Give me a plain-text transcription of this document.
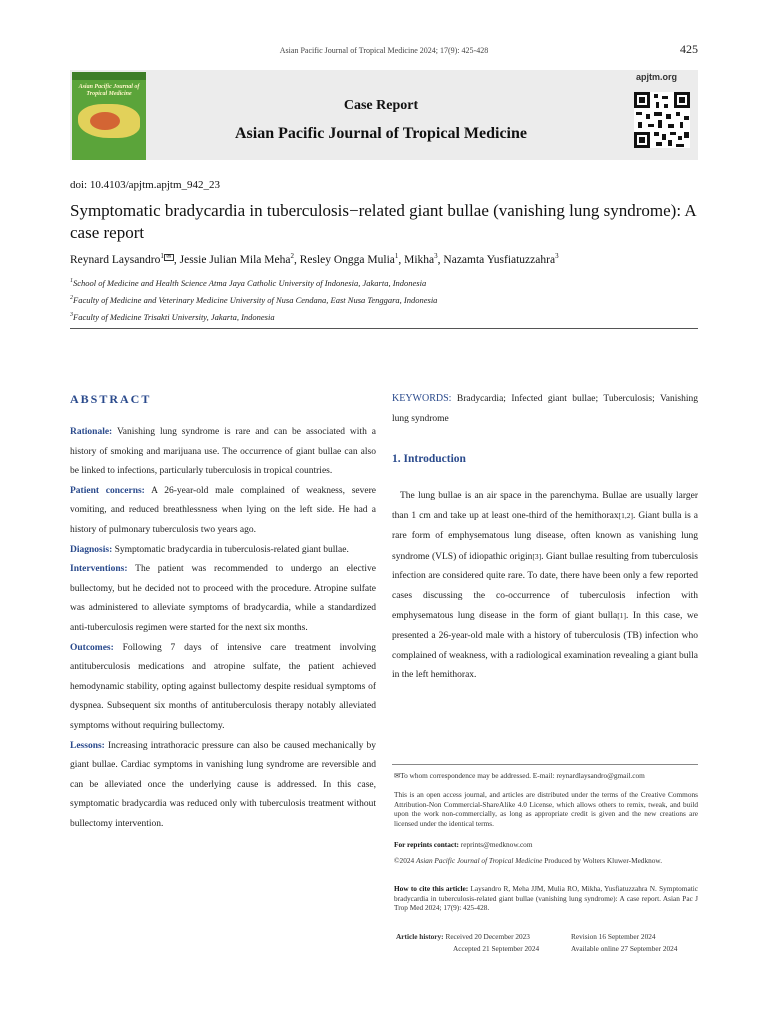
Asian Pacific Journal of Tropical Medicine 2024; 17(9): 425-428	425
Asian Pacific Journal of Tropical Medicine
Case Report
Asian Pacific Journal of Tropical Medicine
apjtm.org
doi: 10.4103/apjtm.apjtm_942_23
Symptomatic bradycardia in tuberculosis−related giant bullae (vanishing lung syndrome): A case report
Reynard Laysandro$^1$ ✉ , Jessie Julian Mila Meha$^2$, Resley Ongga Mulia$^1$, Mikha$^3$, Nazamta Yusfiatuzzahra$^3$
$^1$School of Medicine and Health Science Atma Jaya Catholic University of Indonesia, Jakarta, Indonesia
$^2$Faculty of Medicine and Veterinary Medicine University of Nusa Cendana, East Nusa Tenggara, Indonesia
$^3$Faculty of Medicine Trisakti University, Jakarta, Indonesia
ABSTRACT

Rationale: Vanishing lung syndrome is rare and can be associated with a history of smoking and marijuana use. The occurrence of giant bullae can also be linked to infections, particularly tuberculosis in tropical countries.

Patient concerns: A 26-year-old male complained of weakness, severe vomiting, and reduced breathlessness when lying on the left side. He had a history of pulmonary tuberculosis two years ago.

Diagnosis: Symptomatic bradycardia in tuberculosis-related giant bullae.

Interventions: The patient was recommended to undergo an elective bullectomy, but he decided not to proceed with the procedure. Atropine sulfate was administered to alleviate symptoms of bradycardia, while a standardized anti-tuberculosis regimen were started for the next six months.

Outcomes: Following 7 days of intensive care treatment involving antituberculosis medications and atropine sulfate, the patient achieved hemodynamic stability, opting against bullectomy despite residual symptoms of dyspnea. Subsequent six months of antituberculosis therapy notably alleviated symptoms without requiring bullectomy.

Lessons: Increasing intrathoracic pressure can also be caused mechanically by giant bullae. Cardiac symptoms in vanishing lung syndrome are reversible and can be alleviated once the underlying cause is addressed. In this case, symptomatic bradycardia was reduced only with tuberculosis treatment without bullectomy intervention.

KEYWORDS: Bradycardia; Infected giant bullae; Tuberculosis; Vanishing lung syndrome

1. Introduction

The lung bullae is an air space in the parenchyma. Bullae are usually larger than 1 cm and take up at least one-third of the hemithorax[1,2]. Giant bulla is a rare form of emphysematous lung disease, often known as vanishing lung syndrome (VLS) of idiopathic origin[3]. Giant bullae resulting from tuberculosis infection are considered quite rare. To date, there have been only a few reported cases discussing the co-occurrence of tuberculosis infection with emphysematous lung disease in the form of giant bulla[1]. In this case, we presented a 26-year-old male with a history of tuberculosis (TB) infection who complained of weakness, with a radiological examination revealing a giant bulla in the left hemithorax.

✉To whom correspondence may be addressed. E-mail: reynardlaysandro@gmail.com
This is an open access journal, and articles are distributed under the terms of the Creative Commons Attribution-Non Commercial-ShareAlike 4.0 License, which allows others to remix, tweak, and build upon the work non-commercially, as long as appropriate credit is given and the new creations are licensed under the identical terms.
For reprints contact: reprints@medknow.com
©2024 Asian Pacific Journal of Tropical Medicine Produced by Wolters Kluwer-Medknow.
How to cite this article: Laysandro R, Meha JJM, Mulia RO, Mikha, Yusfiatuzzahra N. Symptomatic bradycardia in tuberculosis-related giant bullae (vanishing lung syndrome): A case report. Asian Pac J Trop Med 2024; 17(9): 425-428.
Article history: Received 20 December 2023	Revision 16 September 2024
Accepted 21 September 2024	Available online 27 September 2024
